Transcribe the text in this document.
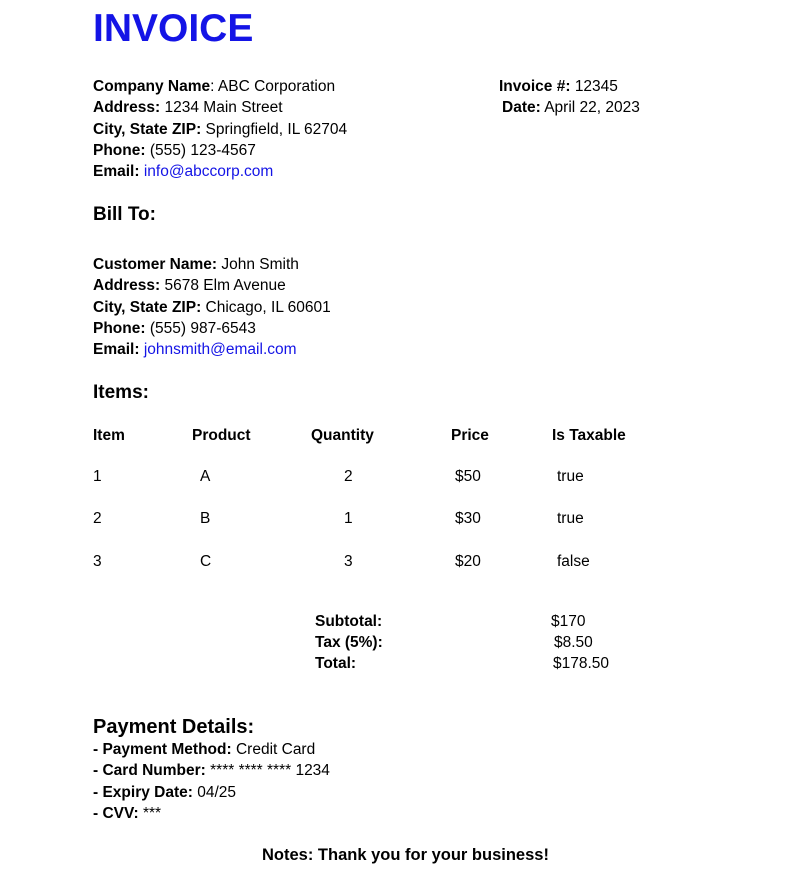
INVOICE
Company Name: ABC Corporation
Address: 1234 Main Street
City, State ZIP: Springfield, IL 62704
Phone: (555) 123-4567
Email: info@abccorp.com
Invoice #: 12345
Date: April 22, 2023
Bill To:
Customer Name: John Smith
Address: 5678 Elm Avenue
City, State ZIP: Chicago, IL 60601
Phone: (555) 987-6543
Email: johnsmith@email.com
Items:
Item	Product	Quantity	Price	Is Taxable
1	A	2	$50	true
2	B	1	$30	true
3	C	3	$20	false
Subtotal:	$170
Tax (5%):	$8.50
Total:	$178.50
Payment Details:
- Payment Method: Credit Card
- Card Number: **** **** **** 1234
- Expiry Date: 04/25
- CVV: ***
Notes: Thank you for your business!
